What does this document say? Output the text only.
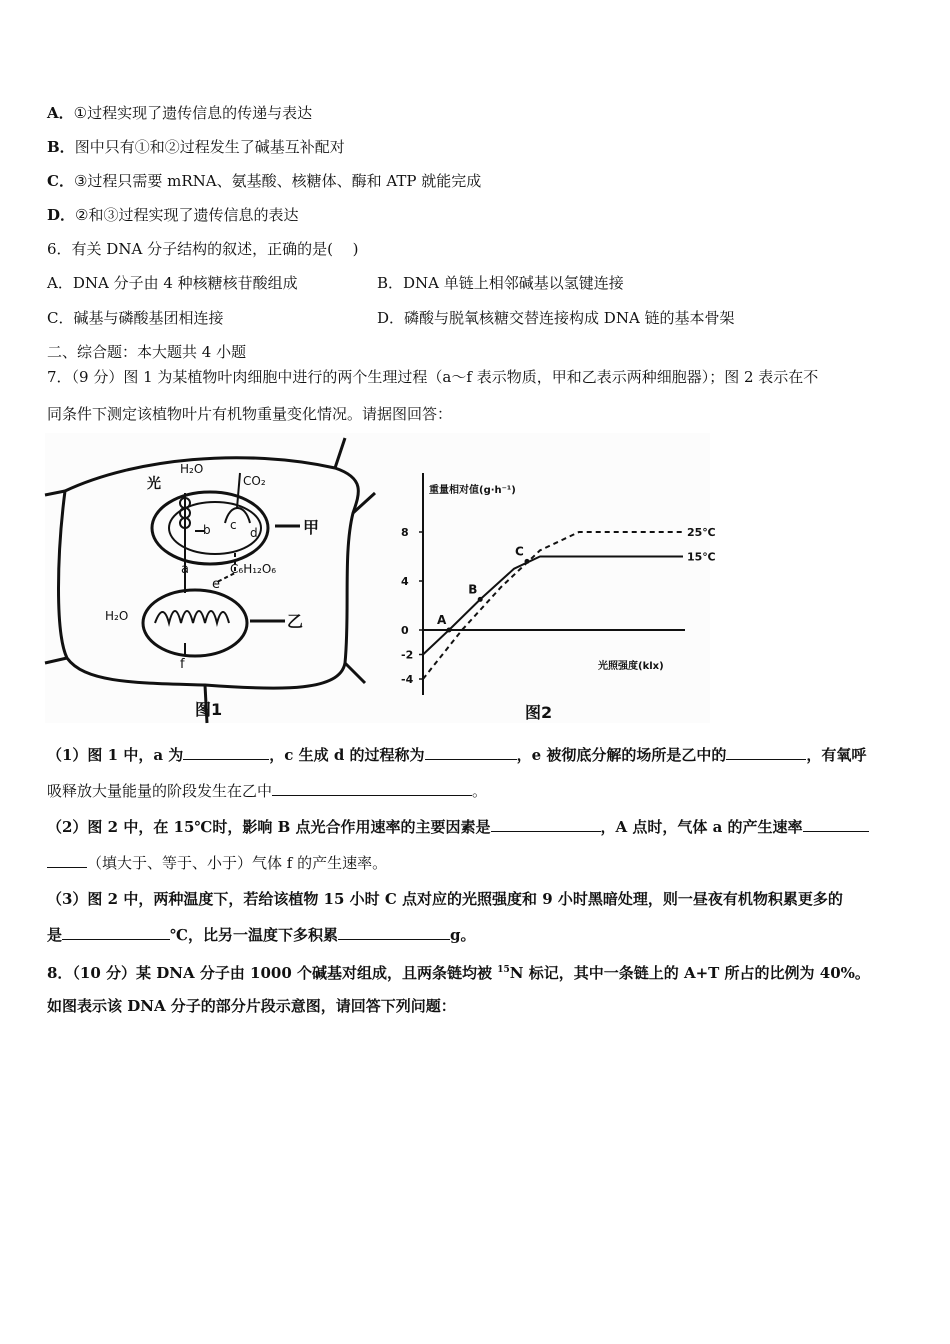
A．①过程实现了遗传信息的传递与表达
B．图中只有①和②过程发生了碱基互补配对
C．③过程只需要 mRNA、氨基酸、核糖体、酶和 ATP 就能完成
D．②和③过程实现了遗传信息的表达
6．有关 DNA 分子结构的叙述，正确的是(　 )
A．DNA 分子由 4 种核糖核苷酸组成	B．DNA 单链上相邻碱基以氢键连接
C．碱基与磷酸基团相连接	D．磷酸与脱氧核糖交替连接构成 DNA 链的基本骨架
二、综合题：本大题共 4 小题
7．（9 分）图 1 为某植物叶肉细胞中进行的两个生理过程（a～f 表示物质，甲和乙表示两种细胞器）；图 2 表示在不
同条件下测定该植物叶片有机物重量变化情况。请据图回答：
光
H₂O
CO₂
b c
d
a
e
C₆H₁₂O₆
f
H₂O
甲
乙
图1
重量相对值(g·h⁻¹)
光照强度(klx)
图2
8
4
0
-2
-4
25℃
15℃
A
B
C
（1）图 1 中，a 为	，c 生成 d 的过程称为	，e 被彻底分解的场所是乙中的	，有氧呼
吸释放大量能量的阶段发生在乙中	。
（2）图 2 中，在 15℃时，影响 B 点光合作用速率的主要因素是	，A 点时，气体 a 的产生速率
（填大于、等于、小于）气体 f 的产生速率。
（3）图 2 中，两种温度下，若给该植物 15 小时 C 点对应的光照强度和 9 小时黑暗处理，则一昼夜有机物积累更多的
是	℃，比另一温度下多积累	g。
8．（10 分）某 DNA 分子由 1000 个碱基对组成，且两条链均被 $^{15}$N 标记，其中一条链上的 A+T 所占的比例为 40%。
如图表示该 DNA 分子的部分片段示意图，请回答下列问题：
